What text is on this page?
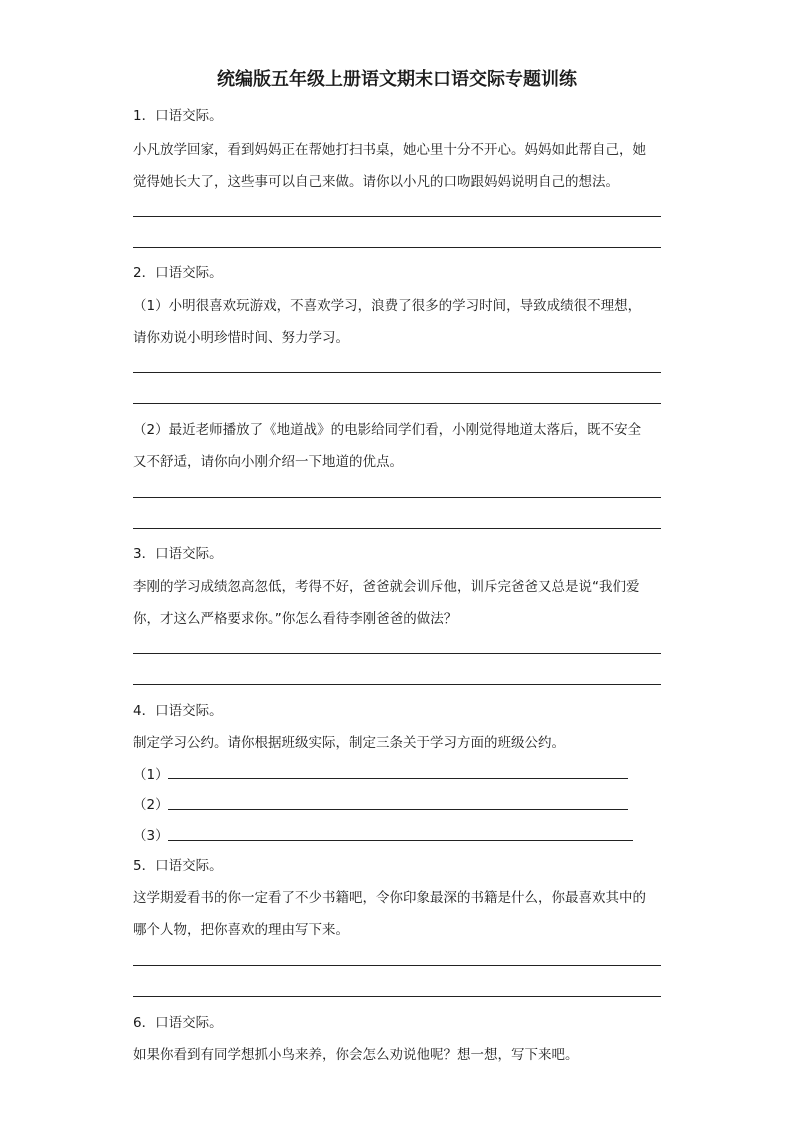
统编版五年级上册语文期末口语交际专题训练
1．口语交际。
小凡放学回家，看到妈妈正在帮她打扫书桌，她心里十分不开心。妈妈如此帮自己，她
觉得她长大了，这些事可以自己来做。请你以小凡的口吻跟妈妈说明自己的想法。
2．口语交际。
（1）小明很喜欢玩游戏，不喜欢学习，浪费了很多的学习时间，导致成绩很不理想，
请你劝说小明珍惜时间、努力学习。
（2）最近老师播放了《地道战》的电影给同学们看，小刚觉得地道太落后，既不安全
又不舒适，请你向小刚介绍一下地道的优点。
3．口语交际。
李刚的学习成绩忽高忽低，考得不好，爸爸就会训斥他，训斥完爸爸又总是说“我们爱
你，才这么严格要求你。”你怎么看待李刚爸爸的做法？
4．口语交际。
制定学习公约。请你根据班级实际，制定三条关于学习方面的班级公约。
（1）
（2）
（3）
5．口语交际。
这学期爱看书的你一定看了不少书籍吧，令你印象最深的书籍是什么，你最喜欢其中的
哪个人物，把你喜欢的理由写下来。
6．口语交际。
如果你看到有同学想抓小鸟来养，你会怎么劝说他呢？想一想，写下来吧。
